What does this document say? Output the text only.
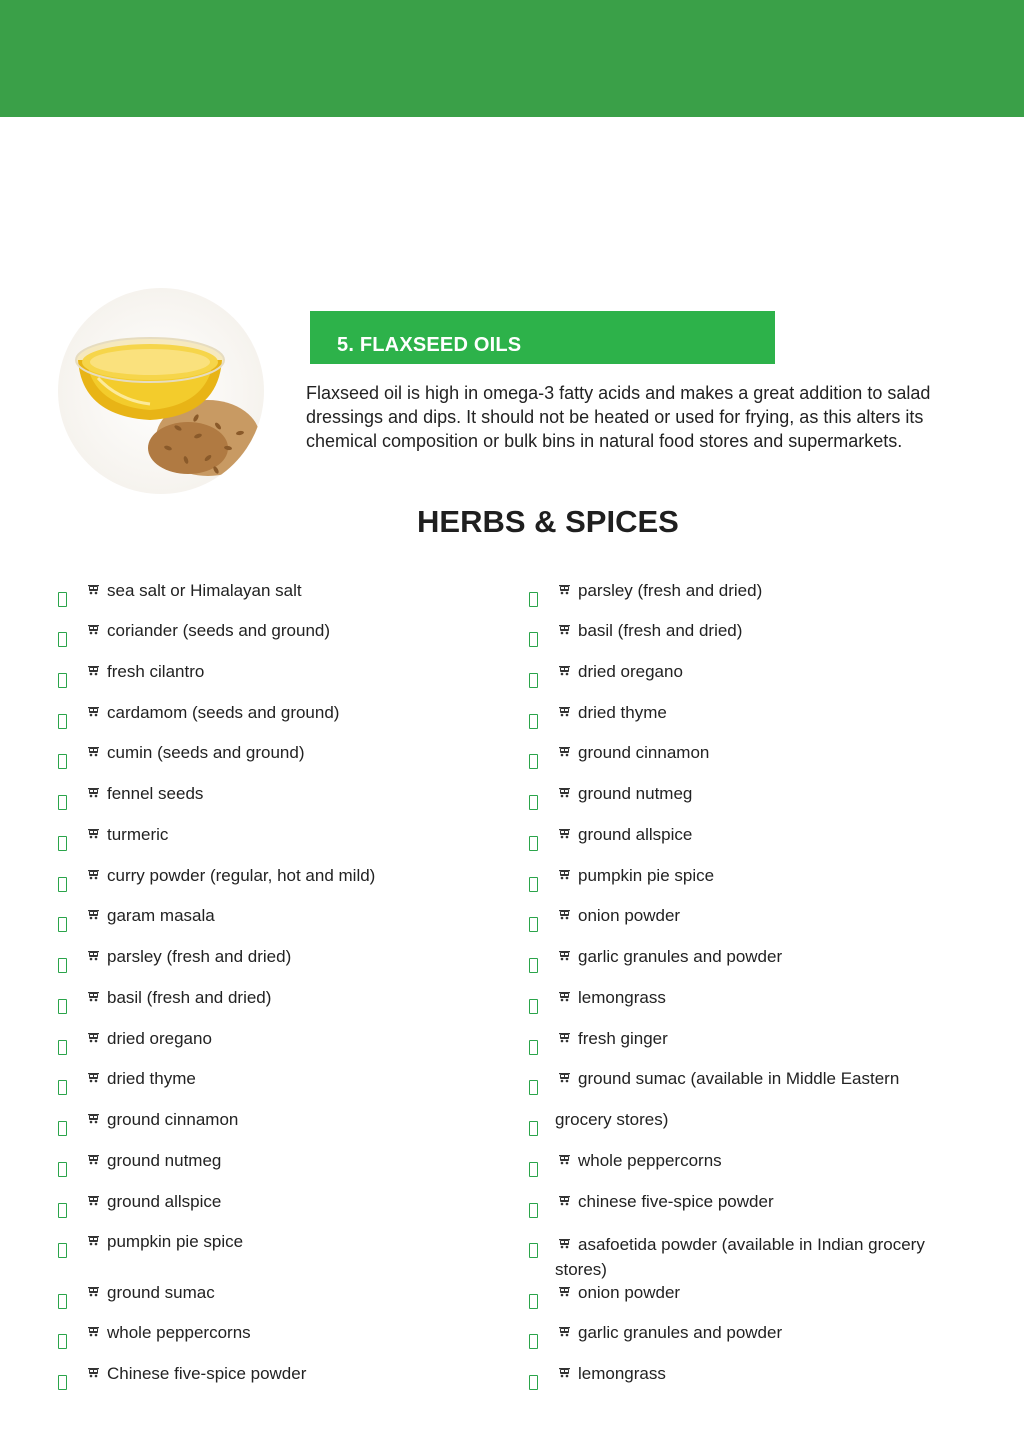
5. FLAXSEED OILS

Flaxseed oil is high in omega-3 fatty acids and makes a great addition to salad dressings and dips. It should not be heated or used for frying, as this alters its chemical composition or bulk bins in natural food stores and supermarkets.

HERBS & SPICES
sea salt or Himalayan salt
coriander (seeds and ground)
fresh cilantro
cardamom (seeds and ground)
cumin (seeds and ground)
fennel seeds
turmeric
curry powder (regular, hot and mild)
garam masala
parsley (fresh and dried)
basil (fresh and dried)
dried oregano
dried thyme
ground cinnamon
ground nutmeg
ground allspice
pumpkin pie spice
ground sumac
whole peppercorns
Chinese five-spice powder
parsley (fresh and dried)
basil (fresh and dried)
dried oregano
dried thyme
ground cinnamon
ground nutmeg
ground allspice
pumpkin pie spice
onion powder
garlic granules and powder
lemongrass
fresh ginger
ground sumac (available in Middle Eastern
grocery stores)
whole peppercorns
chinese five-spice powder
asafoetida powder (available in Indian grocery stores)
onion powder
garlic granules and powder
lemongrass
